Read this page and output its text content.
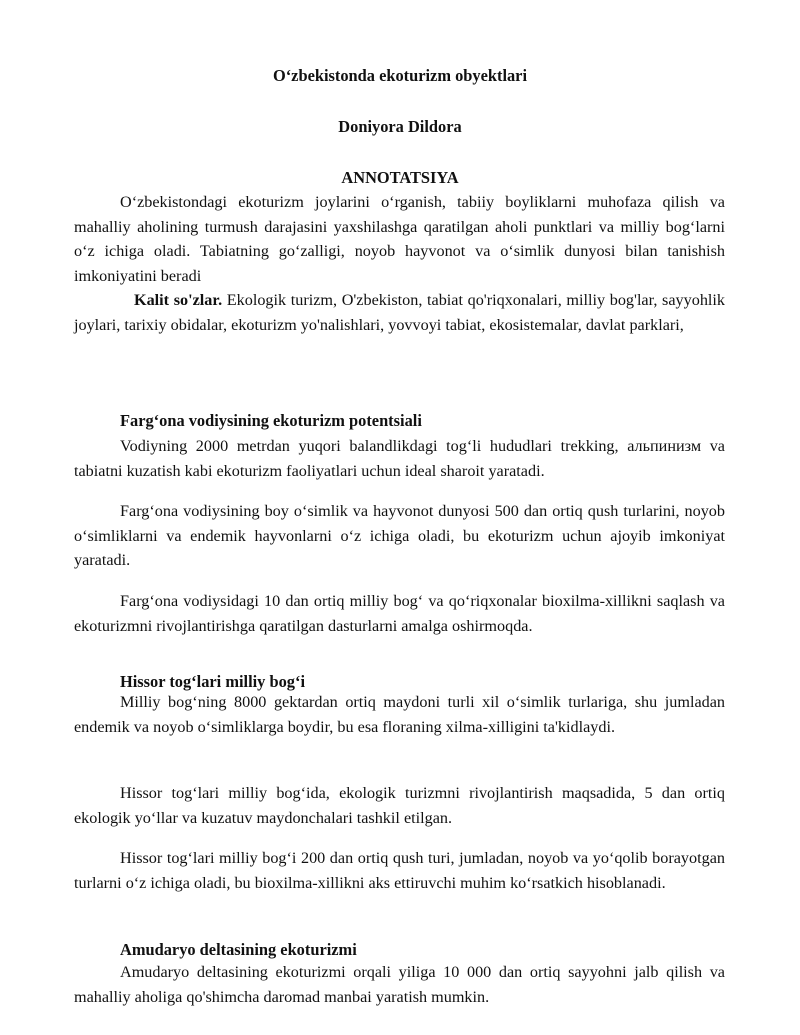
O‘zbekistonda ekoturizm obyektlari

Doniyora Dildora

ANNOTATSIYA

O‘zbekistondagi ekoturizm joylarini o‘rganish, tabiiy boyliklarni muhofaza qilish va mahalliy aholining turmush darajasini yaxshilashga qaratilgan aholi punktlari va milliy bog‘larni o‘z ichiga oladi. Tabiatning go‘zalligi, noyob hayvonot va o‘simlik dunyosi bilan tanishish imkoniyatini beradi

Kalit so'zlar. Ekologik turizm, O'zbekiston, tabiat qo'riqxonalari, milliy bog'lar, sayyohlik joylari, tarixiy obidalar, ekoturizm yo'nalishlari, yovvoyi tabiat, ekosistemalar, davlat parklari,

Farg‘ona vodiysining ekoturizm potentsiali

Vodiyning 2000 metrdan yuqori balandlikdagi tog‘li hududlari trekking, альпинизм va tabiatni kuzatish kabi ekoturizm faoliyatlari uchun ideal sharoit yaratadi.

Farg‘ona vodiysining boy o‘simlik va hayvonot dunyosi 500 dan ortiq qush turlarini, noyob o‘simliklarni va endemik hayvonlarni o‘z ichiga oladi, bu ekoturizm uchun ajoyib imkoniyat yaratadi.

Farg‘ona vodiysidagi 10 dan ortiq milliy bog‘ va qo‘riqxonalar bioxilma-xillikni saqlash va ekoturizmni rivojlantirishga qaratilgan dasturlarni amalga oshirmoqda.

Hissor tog‘lari milliy bog‘i

Milliy bog‘ning 8000 gektardan ortiq maydoni turli xil o‘simlik turlariga, shu jumladan endemik va noyob o‘simliklarga boydir, bu esa floraning xilma-xilligini ta'kidlaydi.

Hissor tog‘lari milliy bog‘ida, ekologik turizmni rivojlantirish maqsadida, 5 dan ortiq ekologik yo‘llar va kuzatuv maydonchalari tashkil etilgan.

Hissor tog‘lari milliy bog‘i 200 dan ortiq qush turi, jumladan, noyob va yo‘qolib borayotgan turlarni o‘z ichiga oladi, bu bioxilma-xillikni aks ettiruvchi muhim ko‘rsatkich hisoblanadi.

Amudaryo deltasining ekoturizmi

Amudaryo deltasining ekoturizmi orqali yiliga 10 000 dan ortiq sayyohni jalb qilish va mahalliy aholiga qo'shimcha daromad manbai yaratish mumkin.
